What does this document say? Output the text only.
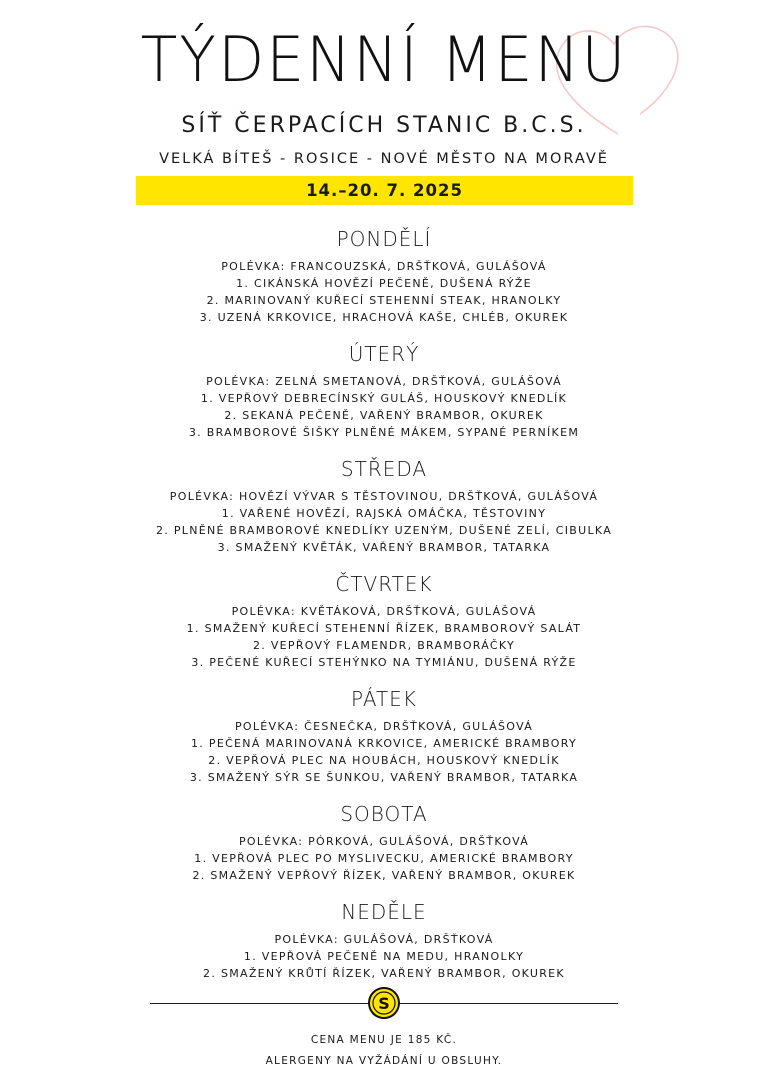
TÝDENNÍ MENU
SÍŤ ČERPACÍCH STANIC B.C.S.
VELKÁ BÍTEŠ - ROSICE - NOVÉ MĚSTO NA MORAVĚ
14.–20. 7. 2025
PONDĚLÍ
POLÉVKA: FRANCOUZSKÁ, DRŠŤKOVÁ, GULÁŠOVÁ
1. CIKÁNSKÁ HOVĚZÍ PEČENĚ, DUŠENÁ RÝŽE
2. MARINOVANÝ KUŘECÍ STEHENNÍ STEAK, HRANOLKY
3. UZENÁ KRKOVICE, HRACHOVÁ KAŠE, CHLÉB, OKUREK
ÚTERÝ
POLÉVKA: ZELNÁ SMETANOVÁ, DRŠŤKOVÁ, GULÁŠOVÁ
1. VEPŘOVÝ DEBRECÍNSKÝ GULÁŠ, HOUSKOVÝ KNEDLÍK
2. SEKANÁ PEČENĚ, VAŘENÝ BRAMBOR, OKUREK
3. BRAMBOROVÉ ŠIŠKY PLNĚNÉ MÁKEM, SYPANÉ PERNÍKEM
STŘEDA
POLÉVKA: HOVĚZÍ VÝVAR S TĚSTOVINOU, DRŠŤKOVÁ, GULÁŠOVÁ
1. VAŘENÉ HOVĚZÍ, RAJSKÁ OMÁČKA, TĚSTOVINY
2. PLNĚNÉ BRAMBOROVÉ KNEDLÍKY UZENÝM, DUŠENÉ ZELÍ, CIBULKA
3. SMAŽENÝ KVĚTÁK, VAŘENÝ BRAMBOR, TATARKA
ČTVRTEK
POLÉVKA: KVĚTÁKOVÁ, DRŠŤKOVÁ, GULÁŠOVÁ
1. SMAŽENÝ KUŘECÍ STEHENNÍ ŘÍZEK, BRAMBOROVÝ SALÁT
2. VEPŘOVÝ FLAMENDR, BRAMBORÁČKY
3. PEČENÉ KUŘECÍ STEHÝNKO NA TYMIÁNU, DUŠENÁ RÝŽE
PÁTEK
POLÉVKA: ČESNEČKA, DRŠŤKOVÁ, GULÁŠOVÁ
1. PEČENÁ MARINOVANÁ KRKOVICE, AMERICKÉ BRAMBORY
2. VEPŘOVÁ PLEC NA HOUBÁCH, HOUSKOVÝ KNEDLÍK
3. SMAŽENÝ SÝR SE ŠUNKOU, VAŘENÝ BRAMBOR, TATARKA
SOBOTA
POLÉVKA: PÓRKOVÁ, GULÁŠOVÁ, DRŠŤKOVÁ
1. VEPŘOVÁ PLEC PO MYSLIVECKU, AMERICKÉ BRAMBORY
2. SMAŽENÝ VEPŘOVÝ ŘÍZEK, VAŘENÝ BRAMBOR, OKUREK
NEDĚLE
POLÉVKA: GULÁŠOVÁ, DRŠŤKOVÁ
1. VEPŘOVÁ PEČENĚ NA MEDU, HRANOLKY
2. SMAŽENÝ KRŮTÍ ŘÍZEK, VAŘENÝ BRAMBOR, OKUREK
S
CENA MENU JE 185 KČ.
ALERGENY NA VYŽÁDÁNÍ U OBSLUHY.
